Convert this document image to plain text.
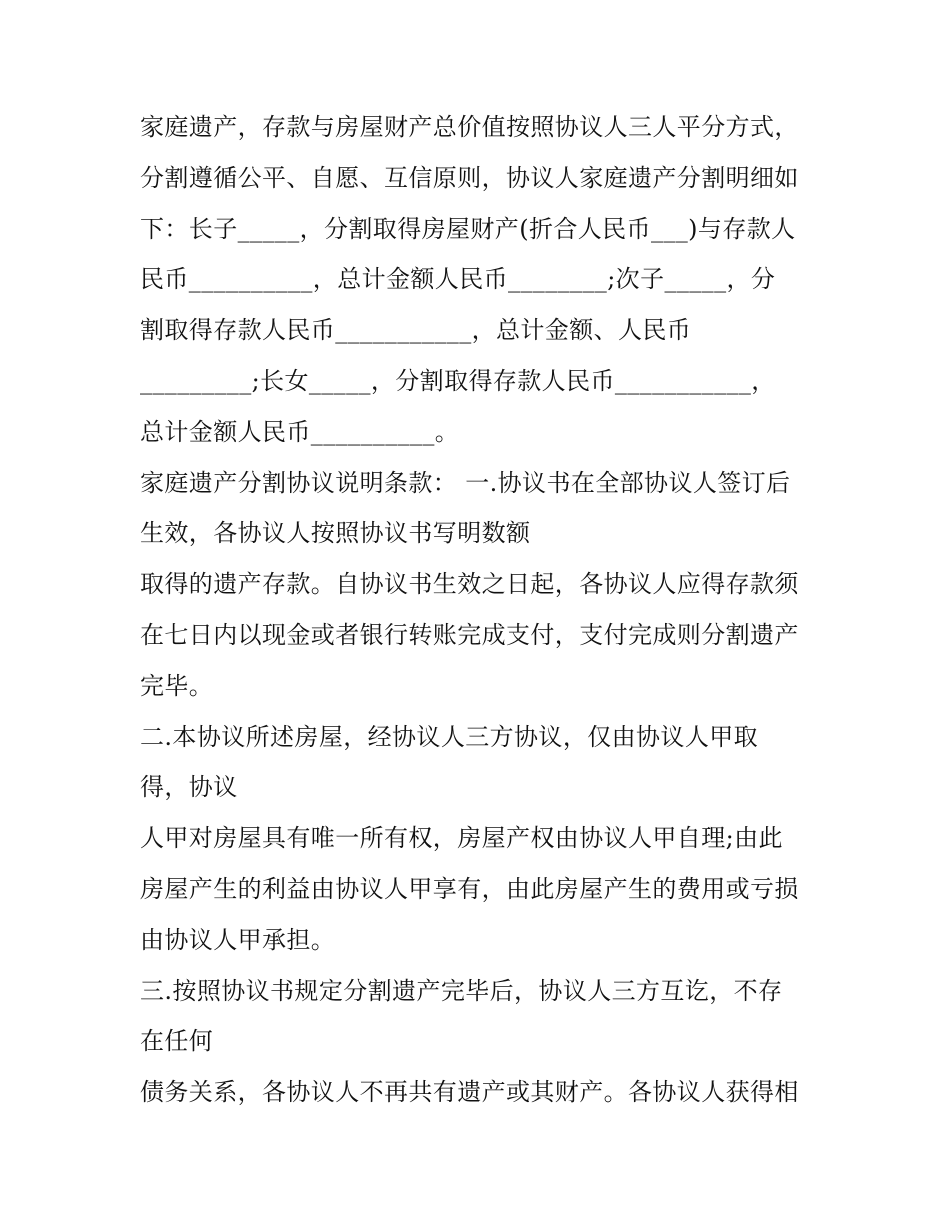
家庭遗产，存款与房屋财产总价值按照协议人三人平分方式，
分割遵循公平、自愿、互信原则，协议人家庭遗产分割明细如
下：长子_____，分割取得房屋财产(折合人民币___)与存款人
民币__________，总计金额人民币________;次子_____，分
割取得存款人民币___________，总计金额、人民币
_________;长女_____，分割取得存款人民币___________，
总计金额人民币__________。
家庭遗产分割协议说明条款： 一.协议书在全部协议人签订后
生效，各协议人按照协议书写明数额
取得的遗产存款。自协议书生效之日起，各协议人应得存款须
在七日内以现金或者银行转账完成支付，支付完成则分割遗产
完毕。
二.本协议所述房屋，经协议人三方协议，仅由协议人甲取
得，协议
人甲对房屋具有唯一所有权，房屋产权由协议人甲自理;由此
房屋产生的利益由协议人甲享有，由此房屋产生的费用或亏损
由协议人甲承担。
三.按照协议书规定分割遗产完毕后，协议人三方互讫，不存
在任何
债务关系，各协议人不再共有遗产或其财产。各协议人获得相
